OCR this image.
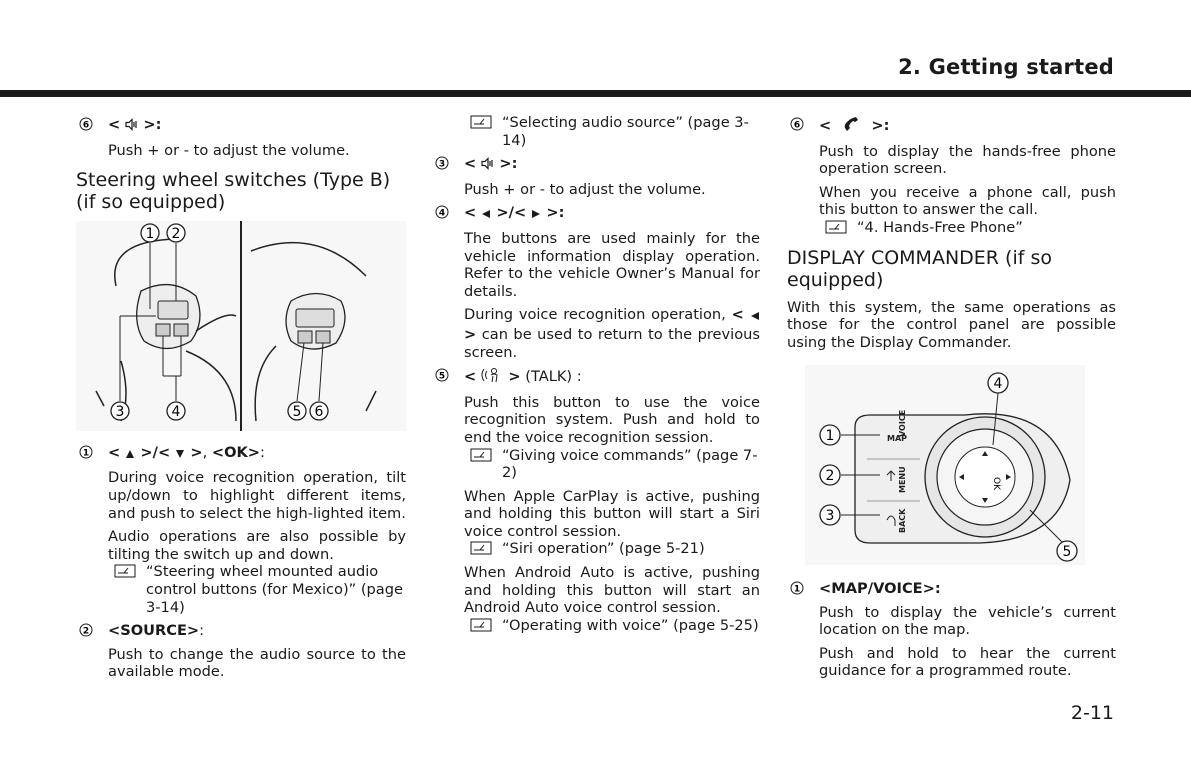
2. Getting started
6 <  >:
Push + or - to adjust the volume.
Steering wheel switches (Type B) (if so equipped)
1 2
3	4	5 6
1 <  >/<  >, <OK>:
During voice recognition operation, tilt up/down to highlight different items, and push to select the high-lighted item.
Audio operations are also possible by tilting the switch up and down.
“Steering wheel mounted audio control buttons (for Mexico)” (page 3-14)
2 <SOURCE>:
Push to change the audio source to the available mode.
“Selecting audio source” (page 3-14)
3 <  >:
Push + or - to adjust the volume.
4 <  >/<  >:
The buttons are used mainly for the vehicle information display operation. Refer to the vehicle Owner’s Manual for details.
During voice recognition operation, <  > can be used to return to the previous screen.
5 <  > (TALK) :
Push this button to use the voice recognition system. Push and hold to end the voice recognition session.
“Giving voice commands” (page 7-2)
When Apple CarPlay is active, pushing and holding this button will start a Siri voice control session.
“Siri operation” (page 5-21)
When Android Auto is active, pushing and holding this button will start an Android Auto voice control session.
“Operating with voice” (page 5-25)
6 <  >:
Push to display the hands-free phone operation screen.
When you receive a phone call, push this button to answer the call.
“4. Hands-Free Phone”
DISPLAY COMMANDER (if so equipped)
With this system, the same operations as those for the control panel are possible using the Display Commander.
OK
VOICE
MAP
MENU
BACK
1
2
3
4
5
1 <MAP/VOICE>:
Push to display the vehicle’s current location on the map.
Push and hold to hear the current guidance for a programmed route.
2-11
